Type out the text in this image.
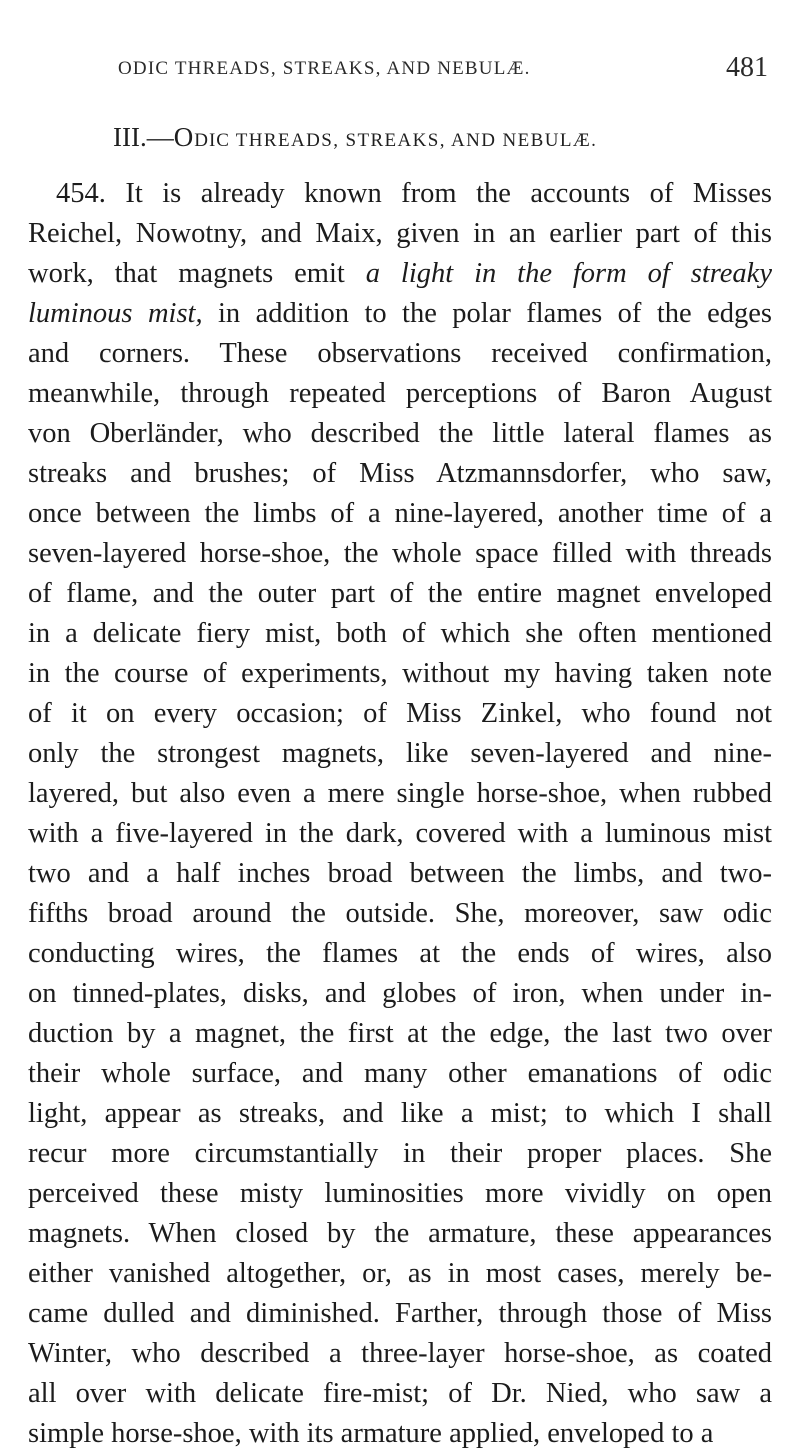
ODIC THREADS, STREAKS, AND NEBULÆ.	481
III.—Odic THREADS, STREAKS, AND NEBULÆ.
454. It is already known from the accounts of Misses
Reichel, Nowotny, and Maix, given in an earlier part of this
work, that magnets emit a light in the form of streaky
luminous mist, in addition to the polar flames of the edges
and corners. These observations received confirmation,
meanwhile, through repeated perceptions of Baron August
von Oberländer, who described the little lateral flames as
streaks and brushes; of Miss Atzmannsdorfer, who saw,
once between the limbs of a nine-layered, another time of a
seven-layered horse-shoe, the whole space filled with threads
of flame, and the outer part of the entire magnet enveloped
in a delicate fiery mist, both of which she often mentioned
in the course of experiments, without my having taken note
of it on every occasion; of Miss Zinkel, who found not
only the strongest magnets, like seven-layered and nine-
layered, but also even a mere single horse-shoe, when rubbed
with a five-layered in the dark, covered with a luminous mist
two and a half inches broad between the limbs, and two-
fifths broad around the outside. She, moreover, saw odic
conducting wires, the flames at the ends of wires, also
on tinned-plates, disks, and globes of iron, when under in-
duction by a magnet, the first at the edge, the last two over
their whole surface, and many other emanations of odic
light, appear as streaks, and like a mist; to which I shall
recur more circumstantially in their proper places. She
perceived these misty luminosities more vividly on open
magnets. When closed by the armature, these appearances
either vanished altogether, or, as in most cases, merely be-
came dulled and diminished. Farther, through those of Miss
Winter, who described a three-layer horse-shoe, as coated
all over with delicate fire-mist; of Dr. Nied, who saw a
simple horse-shoe, with its armature applied, enveloped to a
